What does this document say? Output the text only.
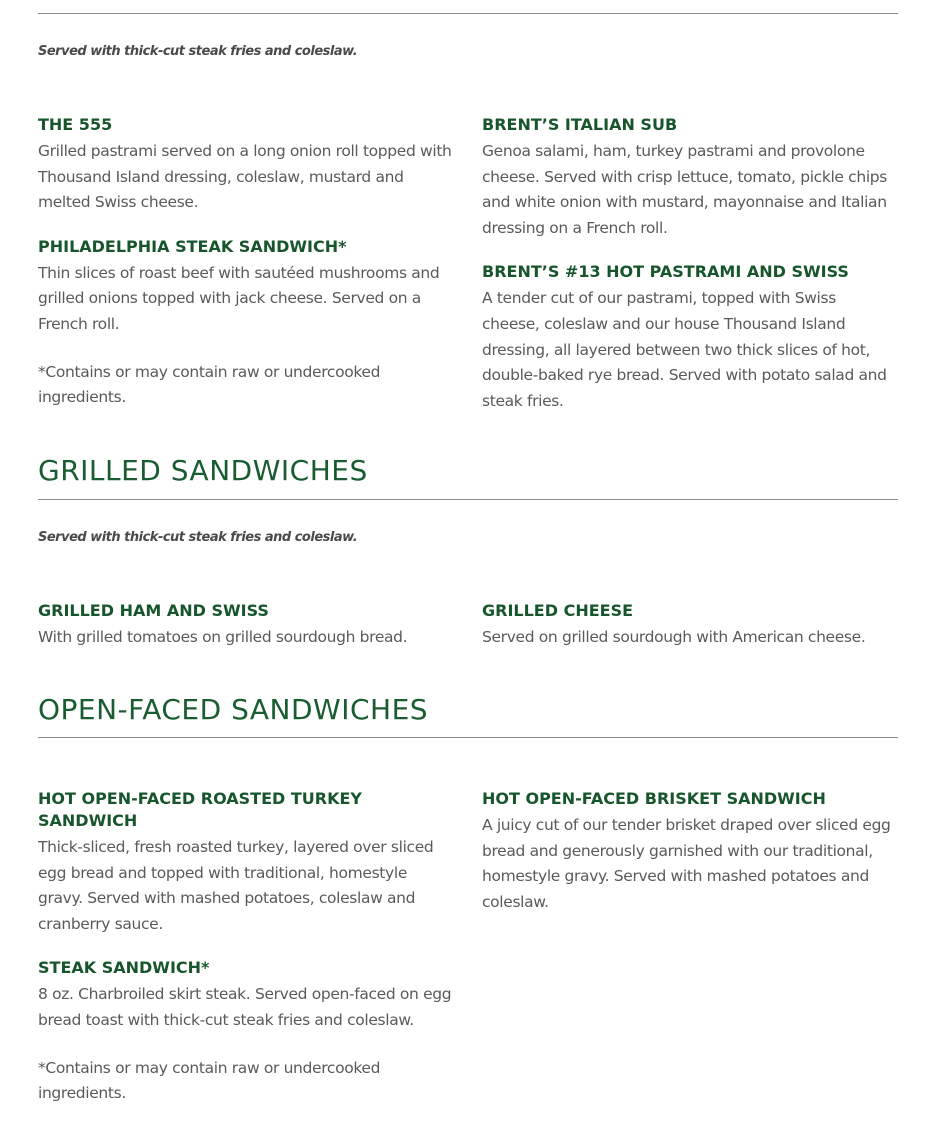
Served with thick-cut steak fries and coleslaw.

THE 555

Grilled pastrami served on a long onion roll topped with Thousand Island dressing, coleslaw, mustard and melted Swiss cheese.

PHILADELPHIA STEAK SANDWICH*

Thin slices of roast beef with sautéed mushrooms and grilled onions topped with jack cheese. Served on a French roll.

*Contains or may contain raw or undercooked ingredients.

BRENT’S ITALIAN SUB

Genoa salami, ham, turkey pastrami and provolone cheese. Served with crisp lettuce, tomato, pickle chips and white onion with mustard, mayonnaise and Italian dressing on a French roll.

BRENT’S #13 HOT PASTRAMI AND SWISS

A tender cut of our pastrami, topped with Swiss cheese, coleslaw and our house Thousand Island dressing, all layered between two thick slices of hot, double-baked rye bread. Served with potato salad and steak fries.

GRILLED SANDWICHES

Served with thick-cut steak fries and coleslaw.

GRILLED HAM AND SWISS

With grilled tomatoes on grilled sourdough bread.

GRILLED CHEESE

Served on grilled sourdough with American cheese.

OPEN-FACED SANDWICHES
HOT OPEN-FACED ROASTED TURKEY SANDWICH

Thick-sliced, fresh roasted turkey, layered over sliced egg bread and topped with traditional, homestyle gravy. Served with mashed potatoes, coleslaw and cranberry sauce.

STEAK SANDWICH*

8 oz. Charbroiled skirt steak. Served open-faced on egg bread toast with thick-cut steak fries and coleslaw.

*Contains or may contain raw or undercooked ingredients.

HOT OPEN-FACED BRISKET SANDWICH

A juicy cut of our tender brisket draped over sliced egg bread and generously garnished with our traditional, homestyle gravy. Served with mashed potatoes and coleslaw.
